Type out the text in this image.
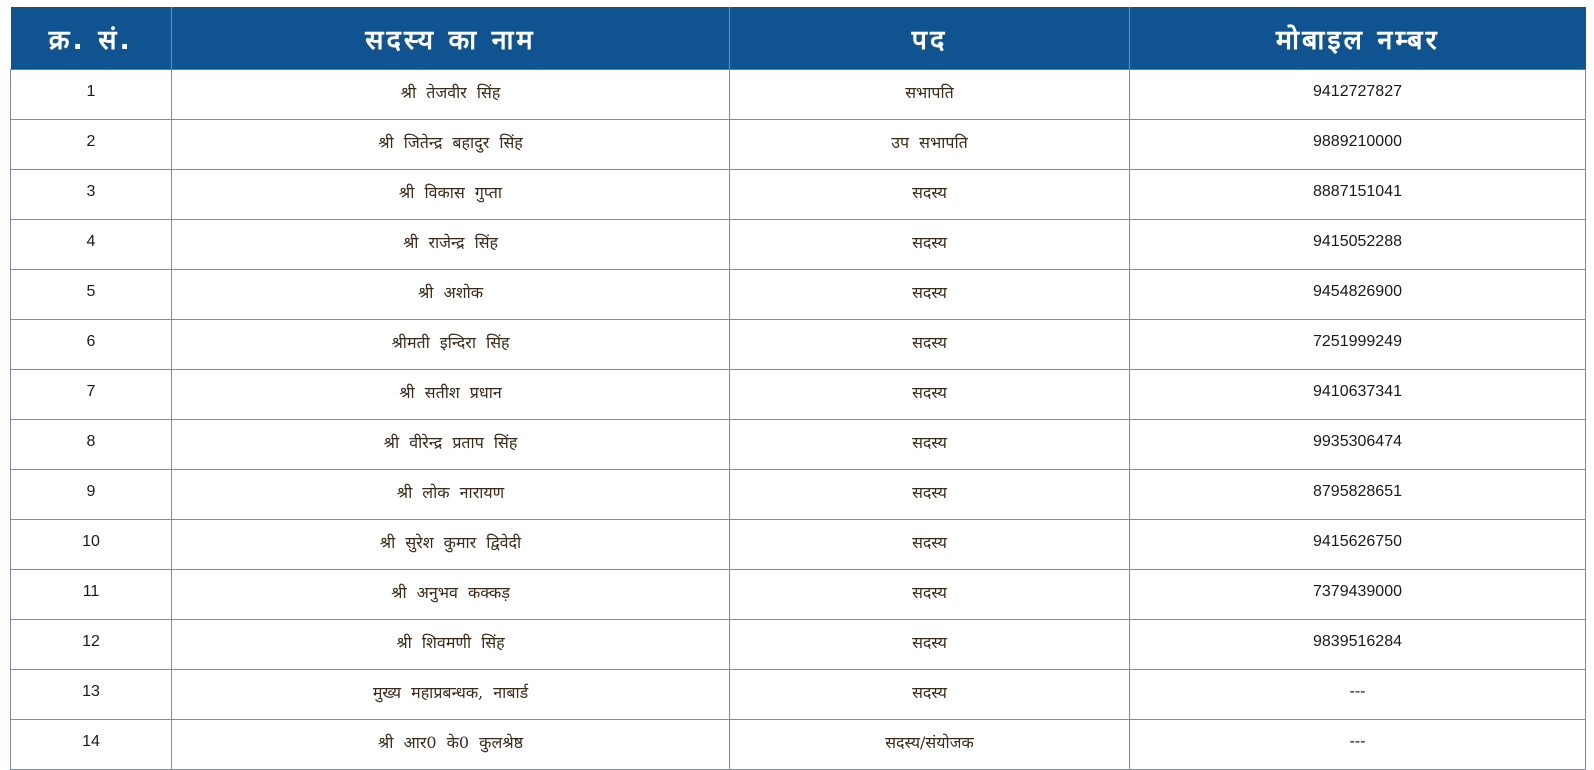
क्र. सं.	सदस्य का नाम	पद	मोबाइल नम्बर
1	श्री तेजवीर सिंह	सभापति	9412727827
2	श्री जितेन्द्र बहादुर सिंह	उप सभापति	9889210000
3	श्री विकास गुप्ता	सदस्य	8887151041
4	श्री राजेन्द्र सिंह	सदस्य	9415052288
5	श्री अशोक	सदस्य	9454826900
6	श्रीमती इन्दिरा सिंह	सदस्य	7251999249
7	श्री सतीश प्रधान	सदस्य	9410637341
8	श्री वीरेन्द्र प्रताप सिंह	सदस्य	9935306474
9	श्री लोक नारायण	सदस्य	8795828651
10	श्री सुरेश कुमार द्विवेदी	सदस्य	9415626750
11	श्री अनुभव कक्कड़	सदस्य	7379439000
12	श्री शिवमणी सिंह	सदस्य	9839516284
13	मुख्य महाप्रबन्धक, नाबार्ड	सदस्य	---
14	श्री आर0 के0 कुलश्रेष्ठ	सदस्य/संयोजक	---
